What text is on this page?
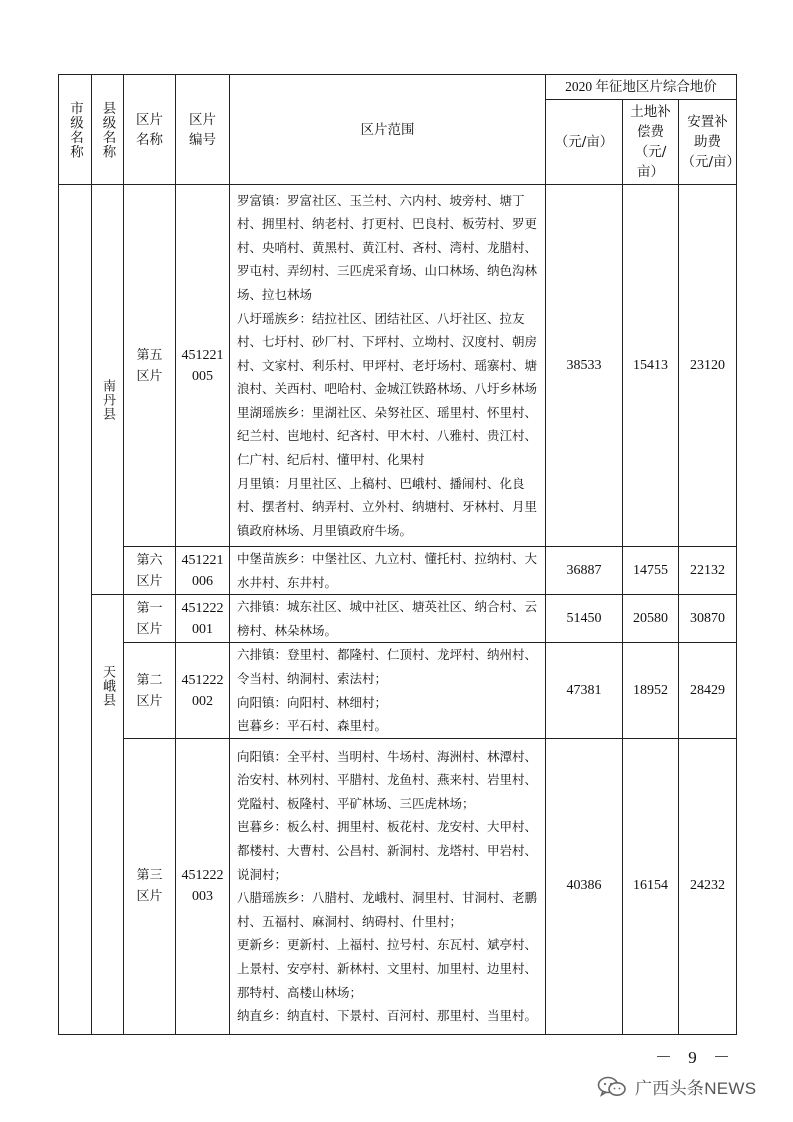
市级名称	县级名称	区片名称	区片编号	区片范围	2020 年征地区片综合地价		
					（元/亩）	土地补偿费（元/亩）	安置补助费（元/亩）

	南丹县	第五区片	451221005	罗富镇：罗富社区、玉兰村、六内村、坡旁村、塘丁村、拥里村、纳老村、打更村、巴良村、板劳村、罗更村、央哨村、黄黑村、黄江村、吝村、湾村、龙腊村、罗屯村、弄纫村、三匹虎采育场、山口林场、纳色沟林场、拉乜林场
八圩瑶族乡：结拉社区、团结社区、八圩社区、拉友村、七圩村、砂厂村、下坪村、立坳村、汉度村、朝房村、文家村、利乐村、甲坪村、老圩场村、瑶寨村、塘浪村、关西村、吧哈村、金城江铁路林场、八圩乡林场
里湖瑶族乡：里湖社区、朵努社区、瑶里村、怀里村、纪兰村、岜地村、纪吝村、甲木村、八雅村、贵江村、仁广村、纪后村、懂甲村、化果村
月里镇：月里社区、上稿村、巴峨村、播闹村、化良村、摆者村、纳弄村、立外村、纳塘村、牙林村、月里镇政府林场、月里镇政府牛场。	38533	15413	23120

		第六区片	451221006	中堡苗族乡：中堡社区、九立村、懂托村、拉纳村、大水井村、东井村。	36887	14755	22132

	天峨县	第一区片	451222001	六排镇：城东社区、城中社区、塘英社区、纳合村、云榜村、林朵林场。	51450	20580	30870

		第二区片	451222002	六排镇：登里村、都隆村、仁顶村、龙坪村、纳州村、令当村、纳洞村、索法村；
向阳镇：向阳村、林细村；
岜暮乡：平石村、森里村。	47381	18952	28429

		第三区片	451222003	向阳镇：全平村、当明村、牛场村、海洲村、林潭村、治安村、林列村、平腊村、龙鱼村、燕来村、岩里村、党隘村、板隆村、平矿林场、三匹虎林场；
岜暮乡：板么村、拥里村、板花村、龙安村、大甲村、都楼村、大曹村、公昌村、新洞村、龙塔村、甲岩村、说洞村；
八腊瑶族乡：八腊村、龙峨村、洞里村、甘洞村、老鹏村、五福村、麻洞村、纳碍村、什里村；
更新乡：更新村、上福村、拉号村、东瓦村、斌亭村、上景村、安亭村、新林村、文里村、加里村、边里村、那特村、高楼山林场；
纳直乡：纳直村、下景村、百河村、那里村、当里村。	40386	16154	24232
－ 9 －
广西头条NEWS
